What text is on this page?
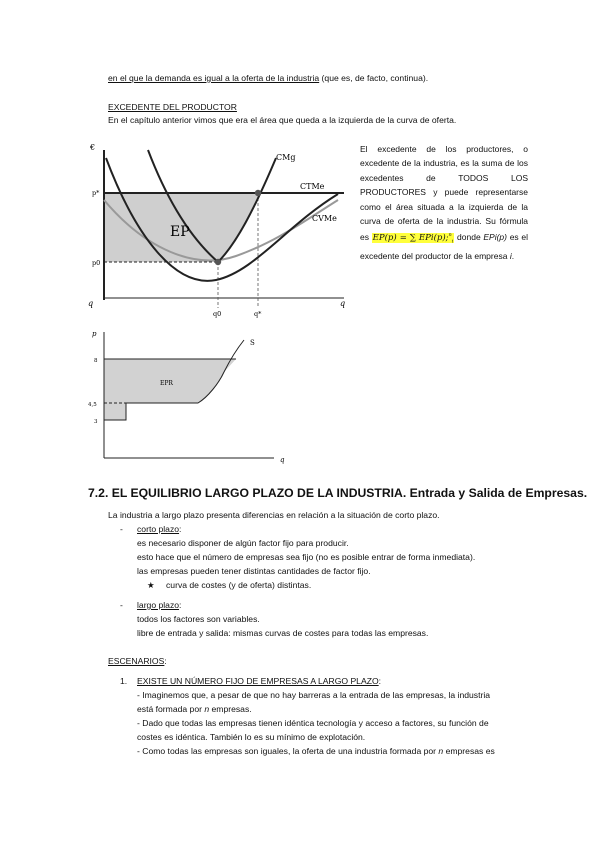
en el que la demanda es igual a la oferta de la industria (que es, de facto, continua).
EXCEDENTE DEL PRODUCTOR
En el capítulo anterior vimos que era el área que queda a la izquierda de la curva de oferta.
€
q	q
p*
p0
q0	q*
CMg
CTMe
CVMe
EP
El excedente de los productores, o excedente de la industria, es la suma de los excedentes de TODOS LOS PRODUCTORES y puede representarse como el área situada a la izquierda de la curva de oferta de la industria. Su fórmula es EP(p) = ∑ EPi(p);$^n_i$ donde EPi(p) es el excedente del productor de la empresa i.
p
q
S
EPR
8
4,5
3
7.2. EL EQUILIBRIO LARGO PLAZO DE LA INDUSTRIA. Entrada y Salida de Empresas.
La industria a largo plazo presenta diferencias en relación a la situación de corto plazo.
- corto plazo:
es necesario disponer de algún factor fijo para producir.
esto hace que el número de empresas sea fijo (no es posible entrar de forma inmediata).
las empresas pueden tener distintas cantidades de factor fijo.
★ curva de costes (y de oferta) distintas.
- largo plazo:
todos los factores son variables.
libre de entrada y salida: mismas curvas de costes para todas las empresas.
ESCENARIOS:
1. EXISTE UN NÚMERO FIJO DE EMPRESAS A LARGO PLAZO:
- Imaginemos que, a pesar de que no hay barreras a la entrada de las empresas, la industria
está formada por n empresas.
- Dado que todas las empresas tienen idéntica tecnología y acceso a factores, su función de
costes es idéntica. También lo es su mínimo de explotación.
- Como todas las empresas son iguales, la oferta de una industria formada por n empresas es
